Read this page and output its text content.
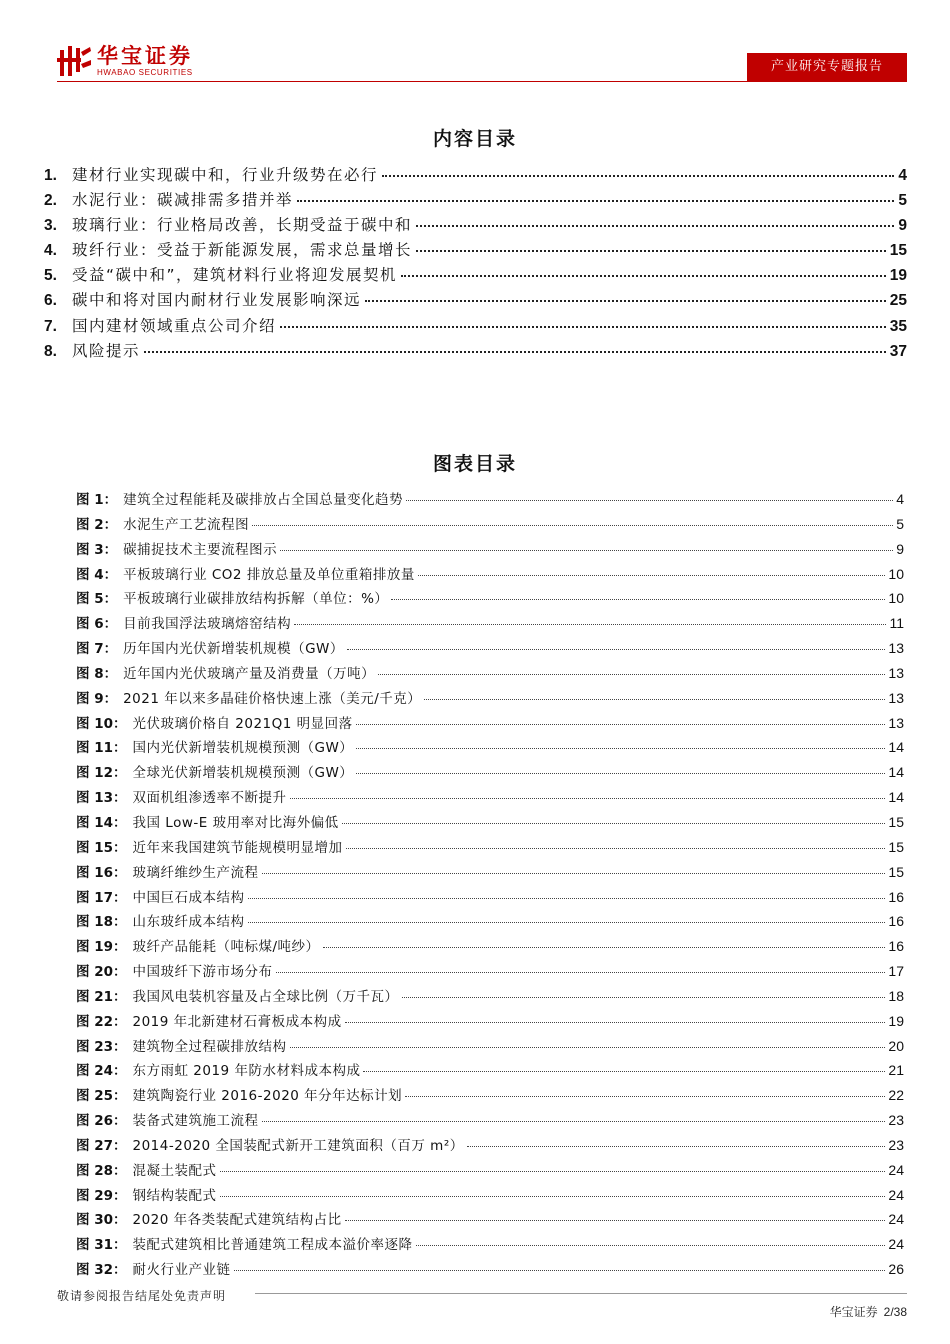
华宝证券
HWABAO SECURITIES	产业研究专题报告
内容目录
1. 建材行业实现碳中和，行业升级势在必行	4
2. 水泥行业：碳减排需多措并举	5
3. 玻璃行业：行业格局改善，长期受益于碳中和	9
4. 玻纤行业：受益于新能源发展，需求总量增长	15
5. 受益“碳中和”，建筑材料行业将迎发展契机	19
6. 碳中和将对国内耐材行业发展影响深远	25
7. 国内建材领域重点公司介绍	35
8. 风险提示	37
图表目录
图 1： 建筑全过程能耗及碳排放占全国总量变化趋势	4
图 2： 水泥生产工艺流程图	5
图 3： 碳捕捉技术主要流程图示	9
图 4： 平板玻璃行业 CO2 排放总量及单位重箱排放量	10
图 5： 平板玻璃行业碳排放结构拆解（单位：%）	10
图 6： 目前我国浮法玻璃熔窑结构	11
图 7： 历年国内光伏新增装机规模（GW）	13
图 8： 近年国内光伏玻璃产量及消费量（万吨）	13
图 9： 2021 年以来多晶硅价格快速上涨（美元/千克）	13
图 10： 光伏玻璃价格自 2021Q1 明显回落	13
图 11： 国内光伏新增装机规模预测（GW）	14
图 12： 全球光伏新增装机规模预测（GW）	14
图 13： 双面机组渗透率不断提升	14
图 14： 我国 Low-E 玻用率对比海外偏低	15
图 15： 近年来我国建筑节能规模明显增加	15
图 16： 玻璃纤维纱生产流程	15
图 17： 中国巨石成本结构	16
图 18： 山东玻纤成本结构	16
图 19： 玻纤产品能耗（吨标煤/吨纱）	16
图 20： 中国玻纤下游市场分布	17
图 21： 我国风电装机容量及占全球比例（万千瓦）	18
图 22： 2019 年北新建材石膏板成本构成	19
图 23： 建筑物全过程碳排放结构	20
图 24： 东方雨虹 2019 年防水材料成本构成	21
图 25： 建筑陶瓷行业 2016-2020 年分年达标计划	22
图 26： 装备式建筑施工流程	23
图 27： 2014-2020 全国装配式新开工建筑面积（百万 m²）	23
图 28： 混凝土装配式	24
图 29： 钢结构装配式	24
图 30： 2020 年各类装配式建筑结构占比	24
图 31： 装配式建筑相比普通建筑工程成本溢价率逐降	24
图 32： 耐火行业产业链	26
敬请参阅报告结尾处免责声明
华宝证券 2/38
